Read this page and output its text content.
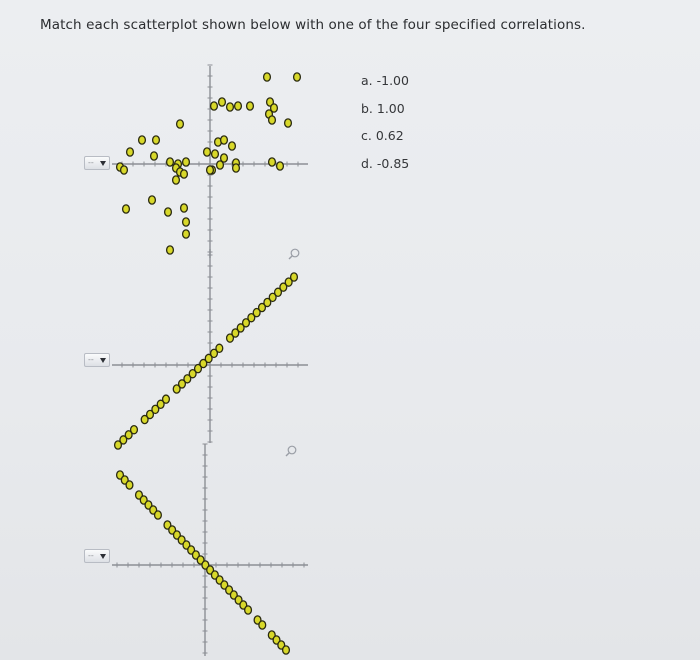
Match each scatterplot shown below with one of the four specified correlations.
a. -1.00
b. 1.00
c. 0.62
d. -0.85
--
--
--
